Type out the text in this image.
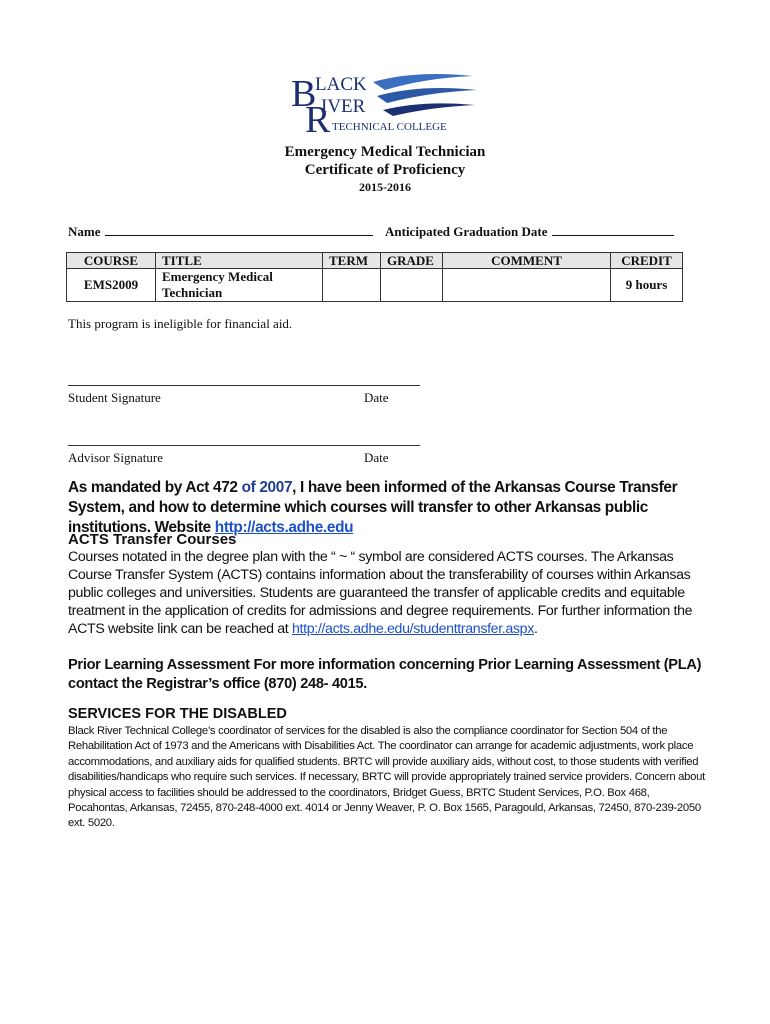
B
LACK
R
IVER
TECHNICAL COLLEGE
Emergency Medical Technician
Certificate of Proficiency
2015-2016
Name	Anticipated Graduation Date
COURSE	TITLE	TERM	GRADE	COMMENT	CREDIT
EMS2009	Emergency Medical
Technician				9 hours
This program is ineligible for financial aid.
Student Signature	Date
Advisor Signature	Date
As mandated by Act 472 of 2007, I have been informed of the Arkansas Course Transfer System, and how to determine which courses will transfer to other Arkansas public institutions. Website http://acts.adhe.edu
ACTS Transfer Courses
Courses notated in the degree plan with the “ ~ “ symbol are considered ACTS courses. The Arkansas Course Transfer System (ACTS) contains information about the transferability of courses within Arkansas public colleges and universities. Students are guaranteed the transfer of applicable credits and equitable treatment in the application of credits for admissions and degree requirements. For further information the ACTS website link can be reached at http://acts.adhe.edu/studenttransfer.aspx.
Prior Learning Assessment For more information concerning Prior Learning Assessment (PLA) contact the Registrar’s office (870) 248- 4015.
SERVICES FOR THE DISABLED
Black River Technical College’s coordinator of services for the disabled is also the compliance coordinator for Section 504 of the Rehabilitation Act of 1973 and the Americans with Disabilities Act. The coordinator can arrange for academic adjustments, work place accommodations, and auxiliary aids for qualified students. BRTC will provide auxiliary aids, without cost, to those students with verified disabilities/handicaps who require such services. If necessary, BRTC will provide appropriately trained service providers. Concern about physical access to facilities should be addressed to the coordinators, Bridget Guess, BRTC Student Services, P.O. Box 468, Pocahontas, Arkansas, 72455, 870-248-4000 ext. 4014 or Jenny Weaver, P. O. Box 1565, Paragould, Arkansas, 72450, 870-239-2050 ext. 5020.
